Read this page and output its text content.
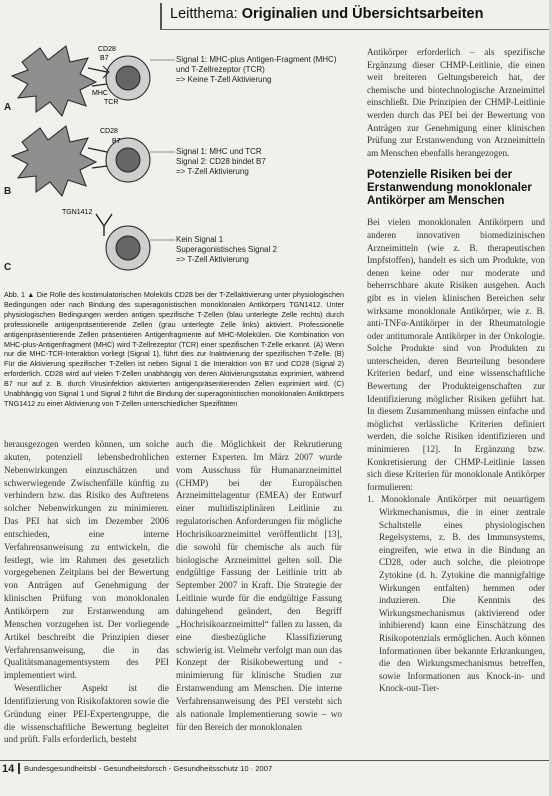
Leitthema: Originalien und Übersichtsarbeiten
CD28
B7
MHC
TCR
CD28
B7
TGN1412
A
B
C
Signal 1: MHC-plus Antigen-Fragment (MHC)
und T-Zellrezeptor (TCR)
=> Keine T-Zell Aktivierung
Signal 1: MHC und TCR
Signal 2: CD28 bindet B7
=> T-Zell Aktivierung
Kein Signal 1
Superagonistisches Signal 2
=> T-Zell Aktivierung
Abb. 1 ▲ Die Rolle des kostimulatorischen Moleküls CD28 bei der T-Zellaktivierung unter physiologischen Bedingungen oder nach Bindung des superagonistischen monoklonalen Antikörpers TGN1412. Unter physiologischen Bedingungen werden antigen spezifische T-Zellen (blau unterlegte Zelle rechts) durch professionelle antigenpräsentierende Zellen (grau unterlegte Zelle links) aktiviert. Professionelle antigenpräsentierende Zellen präsentieren Antigenfragmente auf MHC-Molekülen. Die Kombination von MHC-plus-Antigenfragment (MHC) wird T-Zellrezeptor (TCR) einer spezifischen T-Zelle erkannt. (A) Wenn nur die MHC-TCR-Interaktion vorliegt (Signal 1), führt dies zur Inaktivierung der spezifischen T-Zelle. (B) Für die Aktivierung spezifischer T-Zellen ist neben Signal 1 die Interaktion von B7 und CD28 (Signal 2) erforderlich. CD28 wird auf vielen T-Zellen unabhängig von deren Aktivierungsstatus exprimiert, während B7 nur auf z. B. durch Virusinfektion aktivierten antigenpräsentierenden Zellen exprimiert wird. (C) Unabhängig von Signal 1 und Signal 2 führt die Bindung der superagonistischen monoklonalen Antikörpers TNG1412 zu einer Aktivierung von T-Zellen unterschiedlicher Spezifitäten

herausgezogen werden können, um solche akuten, potenziell lebensbedrohlichen Nebenwirkungen einzuschätzen und schwerwiegende Zwischenfälle künftig zu verhindern bzw. das Risiko des Auftretens solcher Nebenwirkungen zu minimieren. Das PEI hat sich im Dezember 2006 entschieden, eine interne Verfahrensanweisung zu entwickeln, die festlegt, wie im Rahmen des gesetzlich vorgegebenen Zeitplans bei der Bewertung von Anträgen auf Genehmigung der klinischen Prüfung von monoklonalen Antikörpern zur Erstanwendung am Menschen vorzugehen ist. Der vorliegende Artikel beschreibt die Prinzipien dieser Verfahrensanweisung, die in das Qualitätsmanagementsystem des PEI implementiert wird.

Wesentlicher Aspekt ist die Identifizierung von Risikofaktoren sowie die Gründung einer PEI-Expertengruppe, die die wissenschaftliche Bewertung begleitet und prüft. Falls erforderlich, besteht

auch die Möglichkeit der Rekrutierung externer Experten. Im März 2007 wurde vom Ausschuss für Humanarzneimittel (CHMP) bei der Europäischen Arzneimittelagentur (EMEA) der Entwurf einer multidisziplinären Leitlinie zu regulatorischen Anforderungen für mögliche Hochrisikoarzneimittel veröffentlicht [13], die sowohl für chemische als auch für biologische Arzneimittel gelten soll. Die endgültige Fassung der Leitlinie tritt ab September 2007 in Kraft. Die Strategie der Leitlinie wurde für die endgültige Fassung dahingehend geändert, den Begriff „Hochrisikoarzneimittel“ fallen zu lassen, da eine diesbezügliche Klassifizierung schwierig ist. Vielmehr verfolgt man nun das Konzept der Risikobewertung und -minimierung für klinische Studien zur Erstanwendung am Menschen. Die interne Verfahrensanweisung des PEI versteht sich als nationale Implementierung sowie – wo für den Bereich der monoklonalen

Antikörper erforderlich – als spezifische Ergänzung dieser CHMP-Leitlinie, die einen weit breiteren Geltungsbereich hat, der chemische und biotechnologische Arzneimittel einschließt. Die Prinzipien der CHMP-Leitlinie werden durch das PEI bei der Bewertung von Anträgen zur Genehmigung einer klinischen Prüfung zur Erstanwendung von Arzneimitteln am Menschen ebenfalls herangezogen.

Potenzielle Risiken bei der Erstanwendung monoklonaler Antikörper am Menschen

Bei vielen monoklonalen Antikörpern und anderen innovativen biomedizinischen Arzneimitteln (wie z. B. therapeutischen Impfstoffen), handelt es sich um Produkte, von denen keine oder nur moderate und beherrschbare akute Risiken ausgehen. Auch gibt es in vielen klinischen Bereichen sehr wirksame monoklonale Antikörper, wie z. B. anti-TNFα-Antikörper in der Rheumatologie oder antitumorale Antikörper in der Onkologie. Solche Produkte sind von Produkten zu unterscheiden, deren Beurteilung besondere Kriterien bedarf, und eine wissenschaftliche Bewertung der Produkteigenschaften zur Identifizierung möglicher Risiken geführt hat. In diesem Zusammenhang müssen einfache und möglichst verlässliche Kriterien definiert werden, die solche Risiken identifizieren und minimieren [12]. In Ergänzung bzw. Konkretisierung der CHMP-Leitlinie lassen sich diese Kriterien für monoklonale Antikörper formulieren:

1. Monoklonale Antikörper mit neuartigem Wirkmechanismus, die in einer zentrale Schaltstelle eines physiologischen Regelsystems, z. B. des Immunsystems, eingreifen, wie etwa in die Bindung an CD28, oder auch solche, die pleiotrope Zytokine (d. h. Zytokine die mannigfaltige Wirkungen entfalten) hemmen oder induzieren. Die Kenntnis des Wirkungsmechanismus (aktivierend oder inhibierend) kann eine Einschätzung des Risikopotenzials ermöglichen. Auch können Informationen über bekannte Erkrankungen, die den Wirkungsmechanismus betreffen, sowie Informationen aus Knock-in- und Knock-out-Tier-

14 Bundesgesundheitsbl - Gesundheitsforsch - Gesundheitsschutz 10 · 2007
